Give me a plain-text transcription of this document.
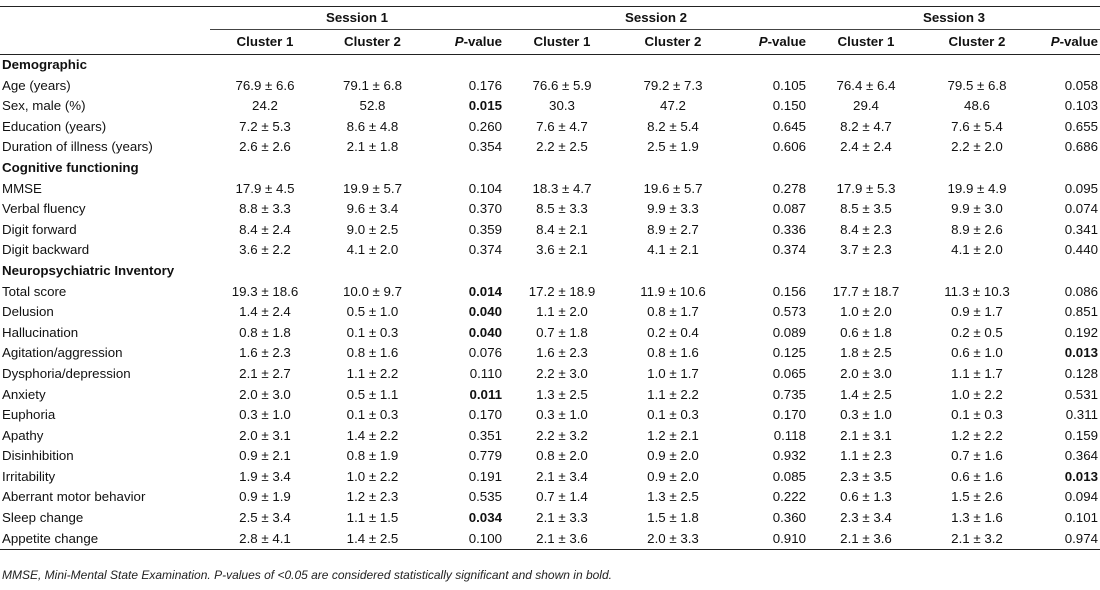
	Session 1			Session 2			Session 3		
	Cluster 1	Cluster 2	P-value	Cluster 1	Cluster 2	P-value	Cluster 1	Cluster 2	P-value
Demographic									
Age (years)	76.9 ± 6.6	79.1 ± 6.8	0.176	76.6 ± 5.9	79.2 ± 7.3	0.105	76.4 ± 6.4	79.5 ± 6.8	0.058
Sex, male (%)	24.2	52.8	0.015	30.3	47.2	0.150	29.4	48.6	0.103
Education (years)	7.2 ± 5.3	8.6 ± 4.8	0.260	7.6 ± 4.7	8.2 ± 5.4	0.645	8.2 ± 4.7	7.6 ± 5.4	0.655
Duration of illness (years)	2.6 ± 2.6	2.1 ± 1.8	0.354	2.2 ± 2.5	2.5 ± 1.9	0.606	2.4 ± 2.4	2.2 ± 2.0	0.686
Cognitive functioning									
MMSE	17.9 ± 4.5	19.9 ± 5.7	0.104	18.3 ± 4.7	19.6 ± 5.7	0.278	17.9 ± 5.3	19.9 ± 4.9	0.095
Verbal fluency	8.8 ± 3.3	9.6 ± 3.4	0.370	8.5 ± 3.3	9.9 ± 3.3	0.087	8.5 ± 3.5	9.9 ± 3.0	0.074
Digit forward	8.4 ± 2.4	9.0 ± 2.5	0.359	8.4 ± 2.1	8.9 ± 2.7	0.336	8.4 ± 2.3	8.9 ± 2.6	0.341
Digit backward	3.6 ± 2.2	4.1 ± 2.0	0.374	3.6 ± 2.1	4.1 ± 2.1	0.374	3.7 ± 2.3	4.1 ± 2.0	0.440
Neuropsychiatric Inventory									
Total score	19.3 ± 18.6	10.0 ± 9.7	0.014	17.2 ± 18.9	11.9 ± 10.6	0.156	17.7 ± 18.7	11.3 ± 10.3	0.086
Delusion	1.4 ± 2.4	0.5 ± 1.0	0.040	1.1 ± 2.0	0.8 ± 1.7	0.573	1.0 ± 2.0	0.9 ± 1.7	0.851
Hallucination	0.8 ± 1.8	0.1 ± 0.3	0.040	0.7 ± 1.8	0.2 ± 0.4	0.089	0.6 ± 1.8	0.2 ± 0.5	0.192
Agitation/aggression	1.6 ± 2.3	0.8 ± 1.6	0.076	1.6 ± 2.3	0.8 ± 1.6	0.125	1.8 ± 2.5	0.6 ± 1.0	0.013
Dysphoria/depression	2.1 ± 2.7	1.1 ± 2.2	0.110	2.2 ± 3.0	1.0 ± 1.7	0.065	2.0 ± 3.0	1.1 ± 1.7	0.128
Anxiety	2.0 ± 3.0	0.5 ± 1.1	0.011	1.3 ± 2.5	1.1 ± 2.2	0.735	1.4 ± 2.5	1.0 ± 2.2	0.531
Euphoria	0.3 ± 1.0	0.1 ± 0.3	0.170	0.3 ± 1.0	0.1 ± 0.3	0.170	0.3 ± 1.0	0.1 ± 0.3	0.311
Apathy	2.0 ± 3.1	1.4 ± 2.2	0.351	2.2 ± 3.2	1.2 ± 2.1	0.118	2.1 ± 3.1	1.2 ± 2.2	0.159
Disinhibition	0.9 ± 2.1	0.8 ± 1.9	0.779	0.8 ± 2.0	0.9 ± 2.0	0.932	1.1 ± 2.3	0.7 ± 1.6	0.364
Irritability	1.9 ± 3.4	1.0 ± 2.2	0.191	2.1 ± 3.4	0.9 ± 2.0	0.085	2.3 ± 3.5	0.6 ± 1.6	0.013
Aberrant motor behavior	0.9 ± 1.9	1.2 ± 2.3	0.535	0.7 ± 1.4	1.3 ± 2.5	0.222	0.6 ± 1.3	1.5 ± 2.6	0.094
Sleep change	2.5 ± 3.4	1.1 ± 1.5	0.034	2.1 ± 3.3	1.5 ± 1.8	0.360	2.3 ± 3.4	1.3 ± 1.6	0.101
Appetite change	2.8 ± 4.1	1.4 ± 2.5	0.100	2.1 ± 3.6	2.0 ± 3.3	0.910	2.1 ± 3.6	2.1 ± 3.2	0.974
MMSE, Mini-Mental State Examination. P-values of <0.05 are considered statistically significant and shown in bold.
